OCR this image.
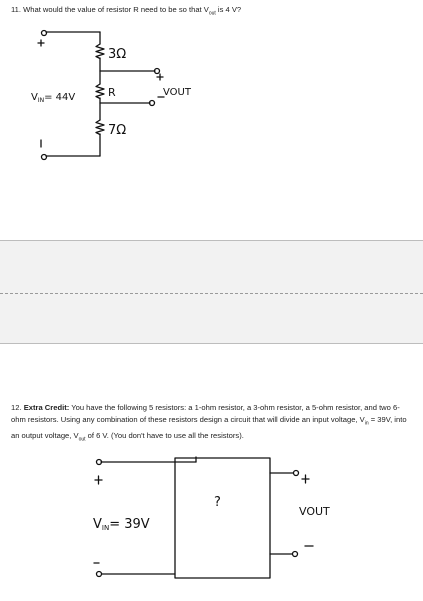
11. What would the value of resistor R need to be so that $V_{out}$ is 4 V?
12. Extra Credit: You have the following 5 resistors: a 1-ohm resistor, a 3-ohm resistor, a 5-ohm resistor, and two 6-ohm resistors. Using any combination of these resistors design a circuit that will divide an input voltage, $V_{in} = 39V$, into an output voltage, $V_{out}$ of 6 V. (You don't have to use all the resistors).
3Ω
R
7Ω
$V_{IN}= 44V$	VOUT
VIN= 39V
?
VOUT
